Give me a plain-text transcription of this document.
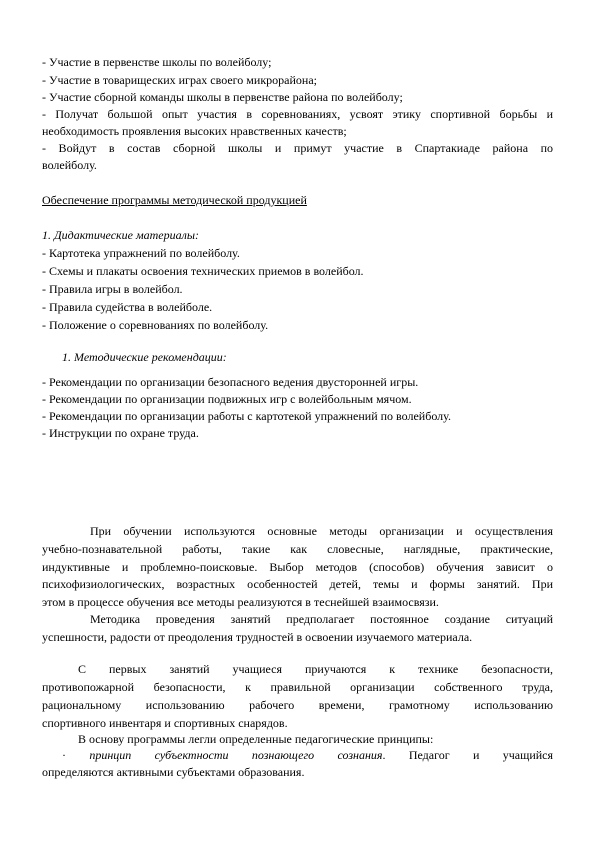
- Участие в первенстве школы по волейболу;
- Участие в товарищеских играх своего микрорайона;
- Участие сборной команды школы в первенстве района по волейболу;
- Получат большой опыт участия в соревнованиях, усвоят этику спортивной борьбы и
необходимость проявления высоких нравственных качеств;
- Войдут в состав сборной школы и примут участие в Спартакиаде района по
волейболу.
Обеспечение программы методической продукцией
1. Дидактические материалы:
- Картотека упражнений по волейболу.
- Схемы и плакаты освоения технических приемов в волейбол.
- Правила игры в волейбол.
- Правила судейства в волейболе.
- Положение о соревнованиях по волейболу.
1. Методические рекомендации:
- Рекомендации по организации безопасного ведения двусторонней игры.
- Рекомендации по организации подвижных игр с волейбольным мячом.
- Рекомендации по организации работы с картотекой упражнений по волейболу.
- Инструкции по охране труда.
При обучении используются основные методы организации и осуществления
учебно-познавательной работы, такие как словесные, наглядные, практические,
индуктивные и проблемно-поисковые. Выбор методов (способов) обучения зависит о
психофизиологических, возрастных особенностей детей, темы и формы занятий. При
этом в процессе обучения все методы реализуются в теснейшей взаимосвязи.
Методика проведения занятий предполагает постоянное создание ситуаций
успешности, радости от преодоления трудностей в освоении изучаемого материала.
С первых занятий учащиеся приучаются к технике безопасности,
противопожарной безопасности, к правильной организации собственного труда,
рациональному использованию рабочего времени, грамотному использованию
спортивного инвентаря и спортивных снарядов.
В основу программы легли определенные педагогические принципы:
· принцип субъектности познающего сознания. Педагог и учащийся
определяются активными субъектами образования.
